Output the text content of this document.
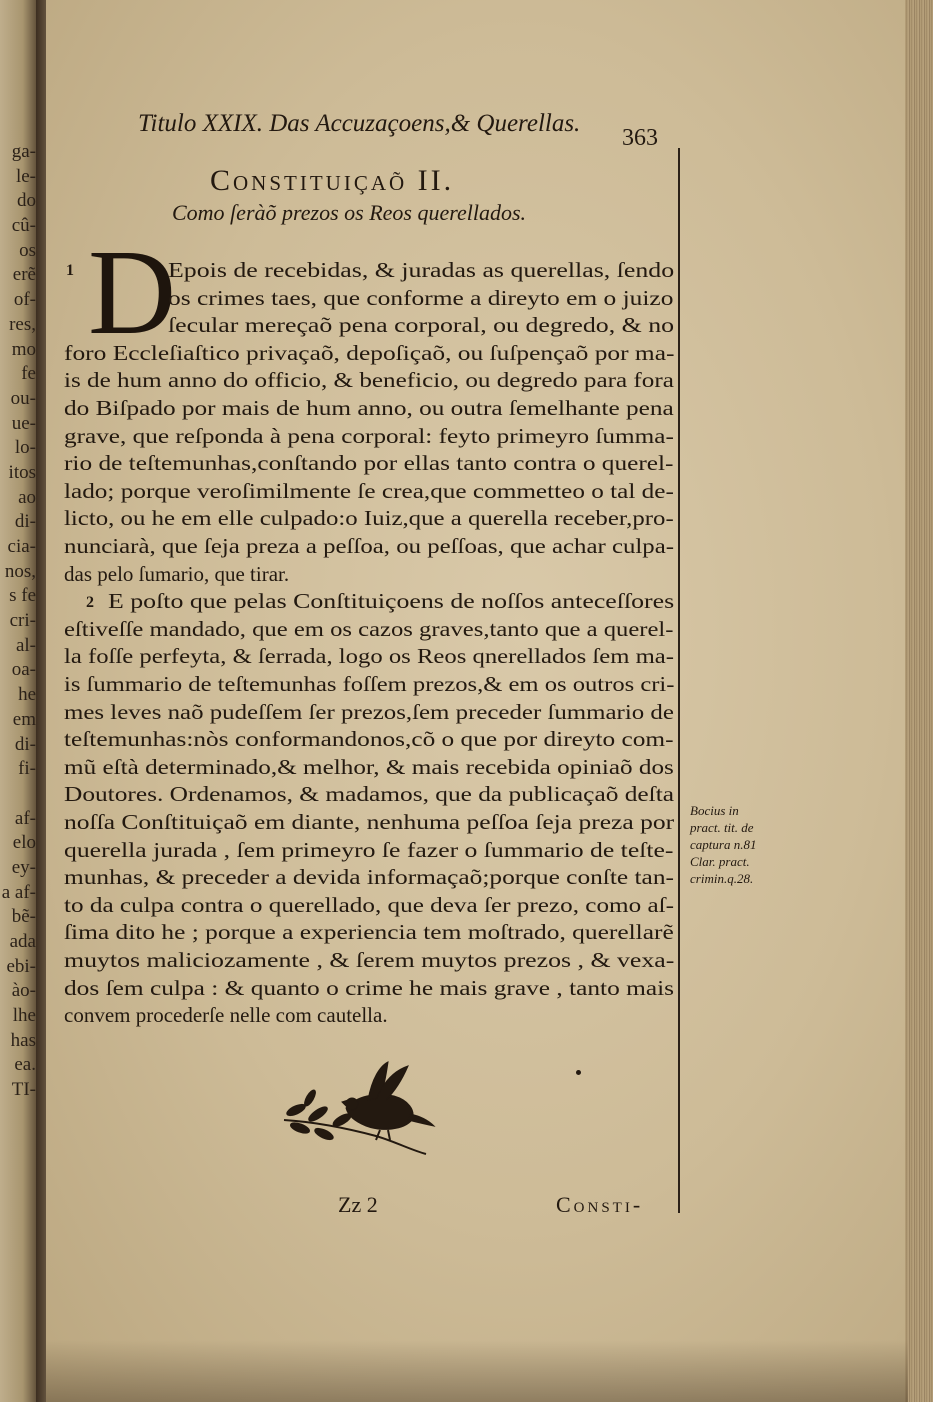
ga-
le-
do
cû-
os
erẽ
of-
res,
mo
fe
ou-
ue-
lo-
itos
ao
di-
cia-
nos,
s fe
cri-
al-
oa-
he
em
di-
fi-
af-
elo
ey-
a af-
bẽ-
ada
ebi-
ào-
lhe
has
ea.
TI-
Titulo XXIX. Das Accuzaçoens,& Querellas.
363
Constituiçaõ II.
Como ſeràõ prezos os Reos querellados.
D
1
2
Epois de recebidas, & juradas as querellas, ſendo
os crimes taes, que conforme a direyto em o juizo
ſecular mereçaõ pena corporal, ou degredo, & no
foro Eccleſiaſtico privaçaõ, depoſiçaõ, ou ſuſpençaõ por ma-
is de hum anno do officio, & beneficio, ou degredo para fora
do Biſpado por mais de hum anno, ou outra ſemelhante pena
grave, que reſponda à pena corporal: feyto primeyro ſumma-
rio de teſtemunhas,conſtando por ellas tanto contra o querel-
lado; porque veroſimilmente ſe crea,que commetteo o tal de-
licto, ou he em elle culpado:o Iuiz,que a querella receber,pro-
nunciarà, que ſeja preza a peſſoa, ou peſſoas, que achar culpa-
das pelo ſumario, que tirar.
E poſto que pelas Conſtituiçoens de noſſos anteceſſores
eſtiveſſe mandado, que em os cazos graves,tanto que a querel-
la foſſe perfeyta, & ſerrada, logo os Reos qnerellados ſem ma-
is ſummario de teſtemunhas foſſem prezos,& em os outros cri-
mes leves naõ pudeſſem ſer prezos,ſem preceder ſummario de
teſtemunhas:nòs conformandonos,cõ o que por direyto com-
mũ eſtà determinado,& melhor, & mais recebida opiniaõ dos
Doutores. Ordenamos, & madamos, que da publicaçaõ deſta
noſſa Conſtituiçaõ em diante, nenhuma peſſoa ſeja preza por
querella jurada , ſem primeyro ſe fazer o ſummario de teſte-
munhas, & preceder a devida informaçaõ;porque conſte tan-
to da culpa contra o querellado, que deva ſer prezo, como aſ-
ſima dito he ; porque a experiencia tem moſtrado, querellarẽ
muytos maliciozamente , & ſerem muytos prezos , & vexa-
dos ſem culpa : & quanto o crime he mais grave , tanto mais
convem procederſe nelle com cautella.
Bocius in
pract. tit. de
captura n.81
Clar. pract.
crimin.q.28.
Zz 2	Consti-
